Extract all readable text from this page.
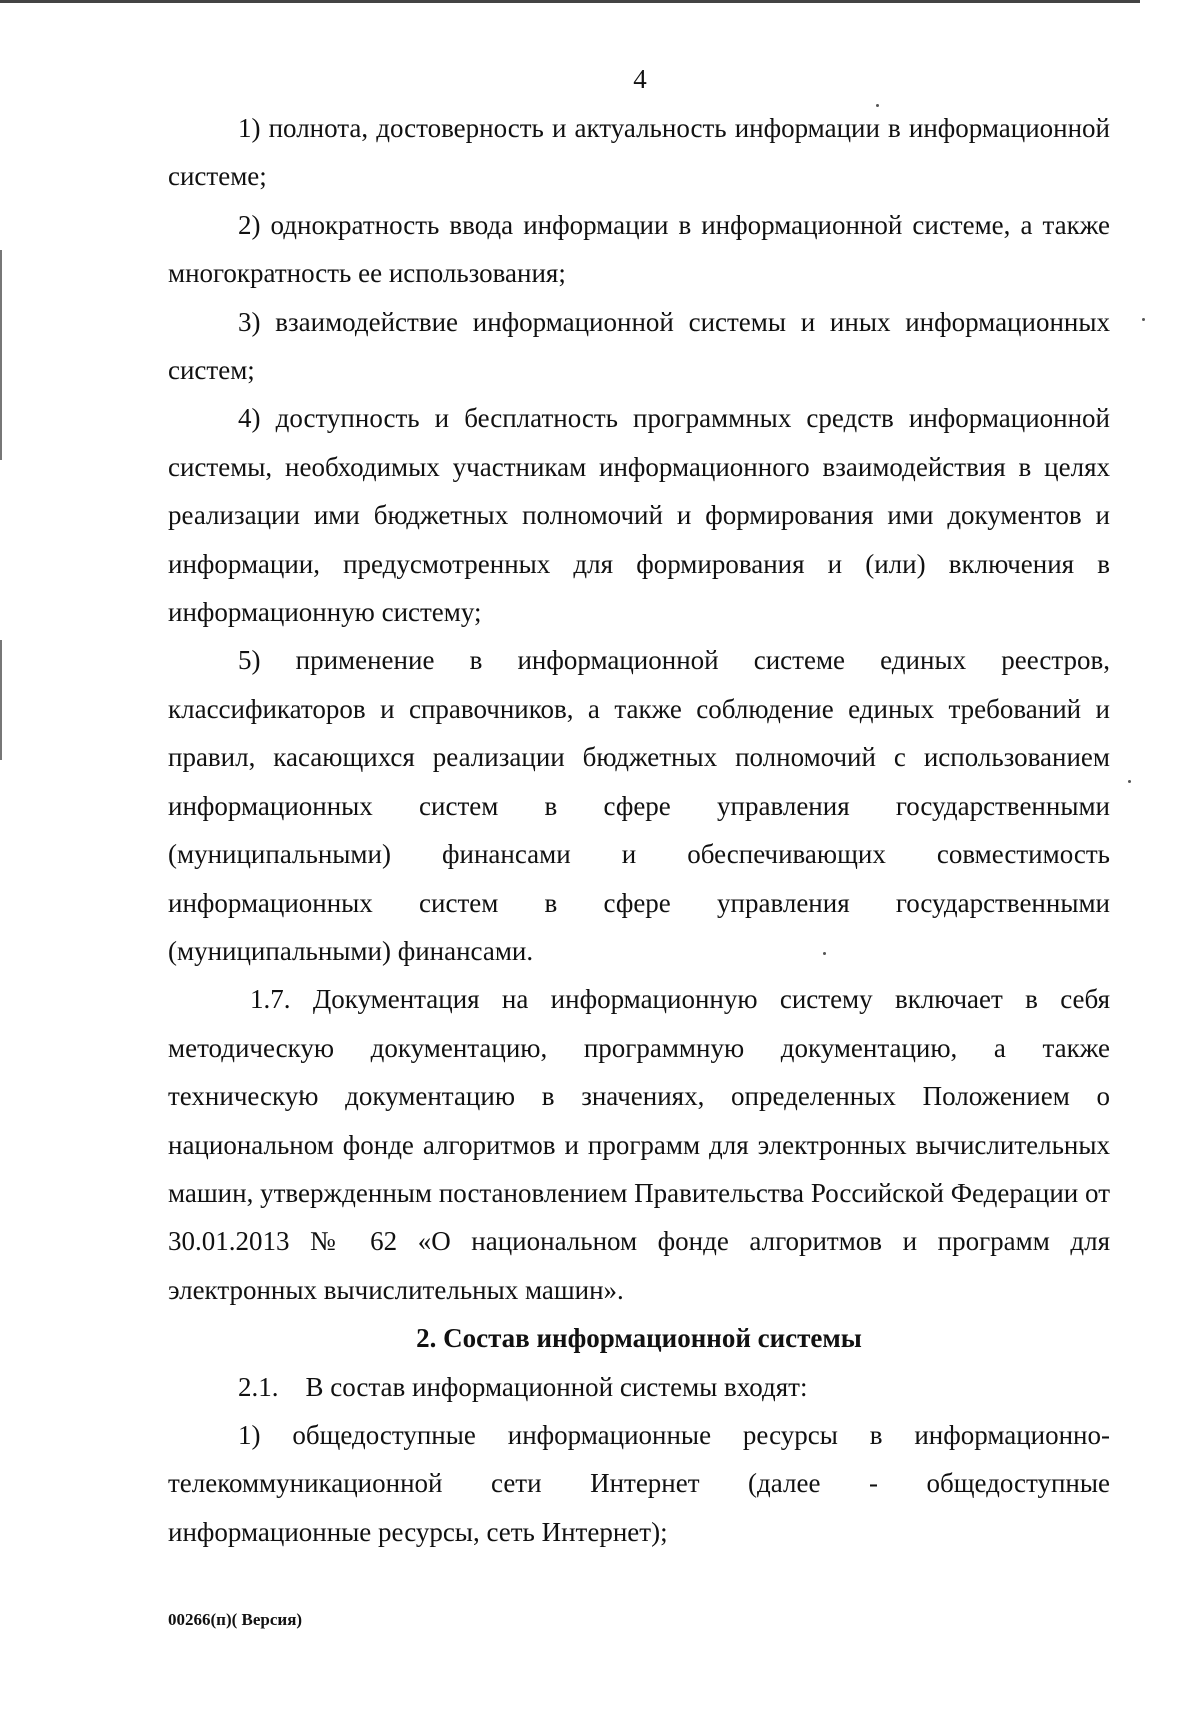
4

1) полнота, достоверность и актуальность информации в информационной системе;

2) однократность ввода информации в информационной системе, а также многократность ее использования;

3) взаимодействие информационной системы и иных информационных систем;

4) доступность и бесплатность программных средств информационной системы, необходимых участникам информационного взаимодействия в целях реализации ими бюджетных полномочий и формирования ими документов и информации, предусмотренных для формирования и (или) включения в информационную систему;

5) применение в информационной системе единых реестров, классификаторов и справочников, а также соблюдение единых требований и правил, касающихся реализации бюджетных полномочий с использованием информационных систем в сфере управления государственными (муниципальными) финансами и обеспечивающих совместимость информационных систем в сфере управления государственными (муниципальными) финансами.

1.7. Документация на информационную систему включает в себя методическую документацию, программную документацию, а также техническую документацию в значениях, определенных Положением о национальном фонде алгоритмов и программ для электронных вычислительных машин, утвержденным постановлением Правительства Российской Федерации от 30.01.2013 № 62 «О национальном фонде алгоритмов и программ для электронных вычислительных машин».

2. Состав информационной системы

2.1. В состав информационной системы входят:

1) общедоступные информационные ресурсы в информационно-телекоммуникационной сети Интернет (далее - общедоступные информационные ресурсы, сеть Интернет);

00266(п)( Версия)
